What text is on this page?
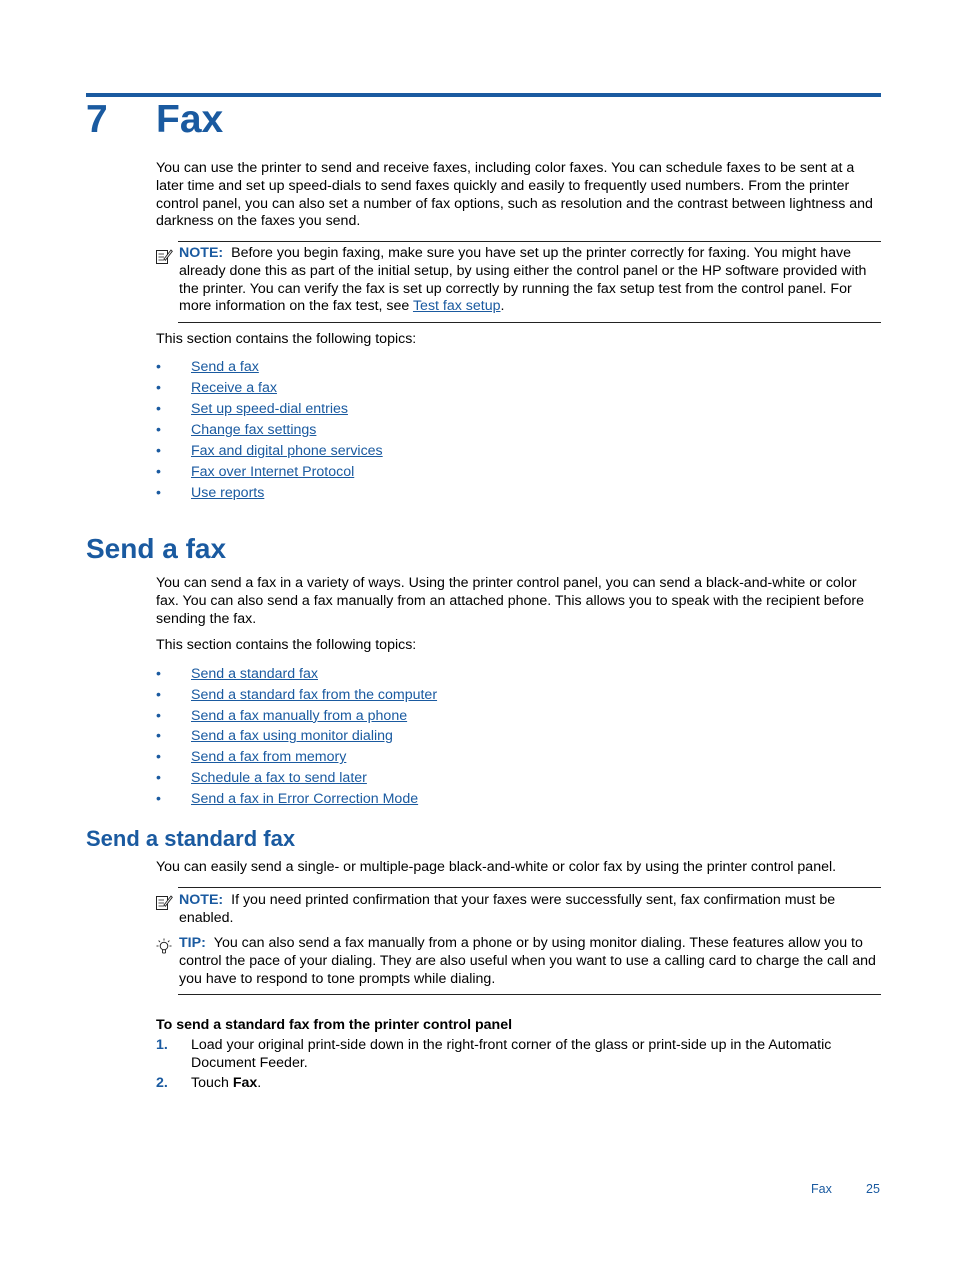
7 Fax
You can use the printer to send and receive faxes, including color faxes. You can schedule faxes to be sent at a later time and set up speed-dials to send faxes quickly and easily to frequently used numbers. From the printer control panel, you can also set a number of fax options, such as resolution and the contrast between lightness and darkness on the faxes you send.
NOTE: Before you begin faxing, make sure you have set up the printer correctly for faxing. You might have already done this as part of the initial setup, by using either the control panel or the HP software provided with the printer. You can verify the fax is set up correctly by running the fax setup test from the control panel. For more information on the fax test, see Test fax setup.
This section contains the following topics:
• Send a fax
• Receive a fax
• Set up speed-dial entries
• Change fax settings
• Fax and digital phone services
• Fax over Internet Protocol
• Use reports
Send a fax
You can send a fax in a variety of ways. Using the printer control panel, you can send a black-and-white or color fax. You can also send a fax manually from an attached phone. This allows you to speak with the recipient before sending the fax.
This section contains the following topics:
• Send a standard fax
• Send a standard fax from the computer
• Send a fax manually from a phone
• Send a fax using monitor dialing
• Send a fax from memory
• Schedule a fax to send later
• Send a fax in Error Correction Mode
Send a standard fax
You can easily send a single- or multiple-page black-and-white or color fax by using the printer control panel.
NOTE: If you need printed confirmation that your faxes were successfully sent, fax confirmation must be enabled.
TIP: You can also send a fax manually from a phone or by using monitor dialing. These features allow you to control the pace of your dialing. They are also useful when you want to use a calling card to charge the call and you have to respond to tone prompts while dialing.
To send a standard fax from the printer control panel
1. Load your original print-side down in the right-front corner of the glass or print-side up in the Automatic Document Feeder.
2. Touch Fax.
Fax	25
